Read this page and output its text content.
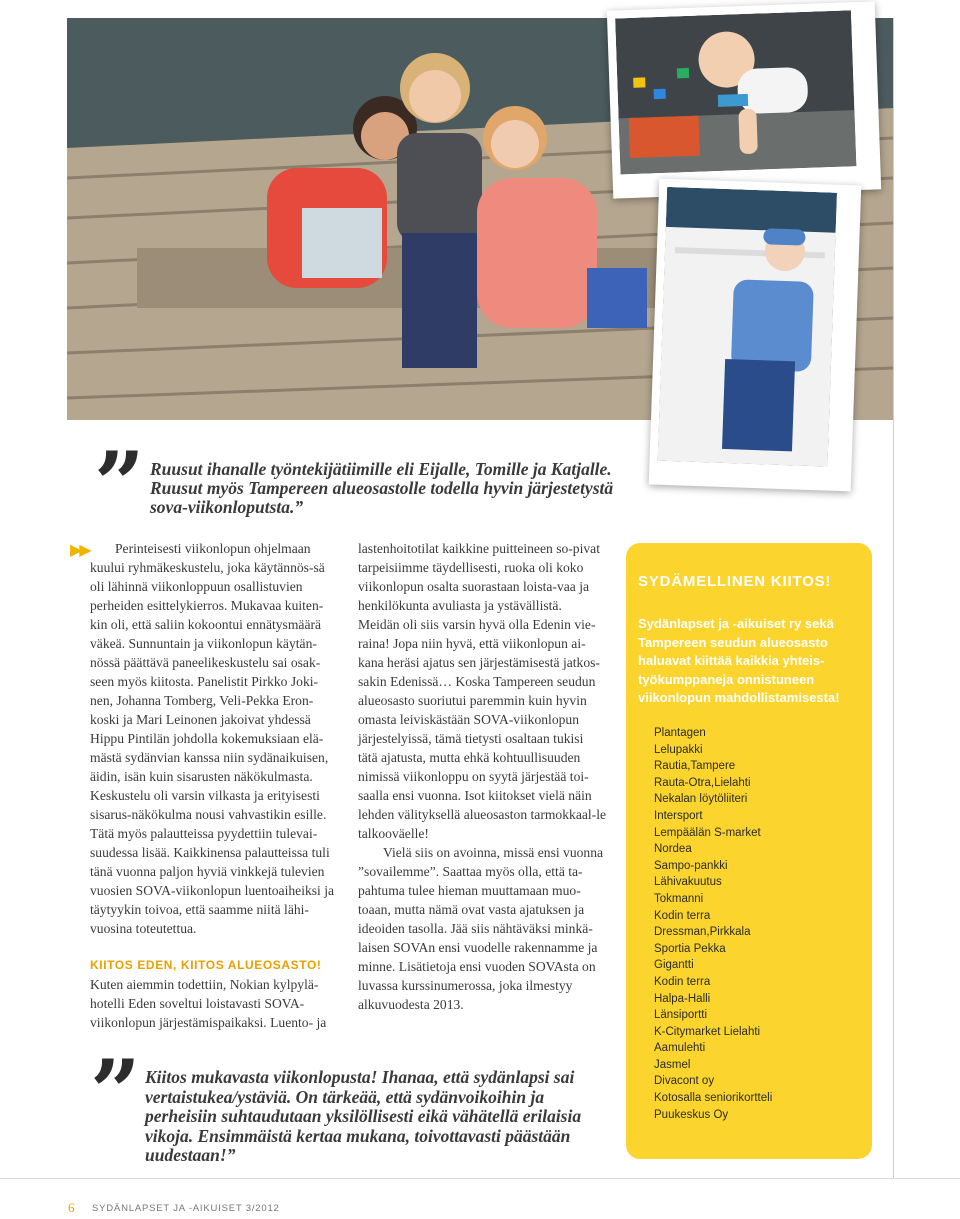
” Ruusut ihanalle työntekijätiimille eli Eijalle, Tomille ja Katjalle. Ruusut myös Tampereen alueosastolle todella hyvin järjestetystä sova-viikonloputsta.”
▶▶	Perinteisesti viikonlopun ohjelmaan kuului ryhmäkeskustelu, joka käytännös-sä oli lähinnä viikonloppuun osallistuvien perheiden esittelykierros. Mukavaa kuiten-kin oli, että saliin kokoontui ennätysmäärä väkeä. Sunnuntain ja viikonlopun käytän-nössä päättävä paneelikeskustelu sai osak-seen myös kiitosta. Panelistit Pirkko Joki-nen, Johanna Tomberg, Veli-Pekka Eron-koski ja Mari Leinonen jakoivat yhdessä Hippu Pintilän johdolla kokemuksiaan elä-mästä sydänvian kanssa niin sydänaikuisen, äidin, isän kuin sisarusten näkökulmasta. Keskustelu oli varsin vilkasta ja erityisesti sisarus-näkökulma nousi vahvastikin esille. Tätä myös palautteissa pyydettiin tulevai-suudessa lisää. Kaikkinensa palautteissa tuli tänä vuonna paljon hyviä vinkkejä tulevien vuosien SOVA-viikonlopun luentoaiheiksi ja täytyykin toivoa, että saamme niitä lähi-vuosina toteutettua.

KIITOS EDEN, KIITOS ALUEOSASTO!

Kuten aiemmin todettiin, Nokian kylpylä-hotelli Eden soveltui loistavasti SOVA-viikonlopun järjestämispaikaksi. Luento- ja

lastenhoitotilat kaikkine puitteineen so-pivat tarpeisiimme täydellisesti, ruoka oli koko viikonlopun osalta suorastaan loista-vaa ja henkilökunta avuliasta ja ystävällistä. Meidän oli siis varsin hyvä olla Edenin vie-raina! Jopa niin hyvä, että viikonlopun ai-kana heräsi ajatus sen järjestämisestä jatkos-sakin Edenissä… Koska Tampereen seudun alueosasto suoriutui paremmin kuin hyvin omasta leiviskästään SOVA-viikonlopun järjestelyissä, tämä tietysti osaltaan tukisi tätä ajatusta, mutta ehkä kohtuullisuuden nimissä viikonloppu on syytä järjestää toi-saalla ensi vuonna. Isot kiitokset vielä näin lehden välityksellä alueosaston tarmokkaal-le talkooväelle!

Vielä siis on avoinna, missä ensi vuonna ”sovailemme”. Saattaa myös olla, että ta-pahtuma tulee hieman muuttamaan muo-toaan, mutta nämä ovat vasta ajatuksen ja ideoiden tasolla. Jää siis nähtäväksi minkä-laisen SOVAn ensi vuodelle rakennamme ja minne. Lisätietoja ensi vuoden SOVAsta on luvassa kurssinumerossa, joka ilmestyy alkuvuodesta 2013.

” Kiitos mukavasta viikonlopusta! Ihanaa, että sydänlapsi sai vertaistukea/ystäviä. On tärkeää, että sydänvoikoihin ja perheisiin suhtaudutaan yksilöllisesti eikä vähätellä erilaisia vikoja. Ensimmäistä kertaa mukana, toivottavasti päästään uudestaan!”
SYDÄMELLINEN KIITOS!
Sydänlapset ja -aikuiset ry sekä Tampereen seudun alueosasto haluavat kiittää kaikkia yhteis-työkumppaneja onnistuneen viikonlopun mahdollistamisesta!
Plantagen
Lelupakki
Rautia,Tampere
Rauta-Otra,Lielahti
Nekalan löytöliiteri
Intersport
Lempäälän S-market
Nordea
Sampo-pankki
Lähivakuutus
Tokmanni
Kodin terra
Dressman,Pirkkala
Sportia Pekka
Gigantti
Kodin terra
Halpa-Halli
Länsiportti
K-Citymarket Lielahti
Aamulehti
Jasmel
Divacont oy
Kotosalla seniorikortteli
Puukeskus Oy
6 SYDÄNLAPSET JA -AIKUISET 3/2012
